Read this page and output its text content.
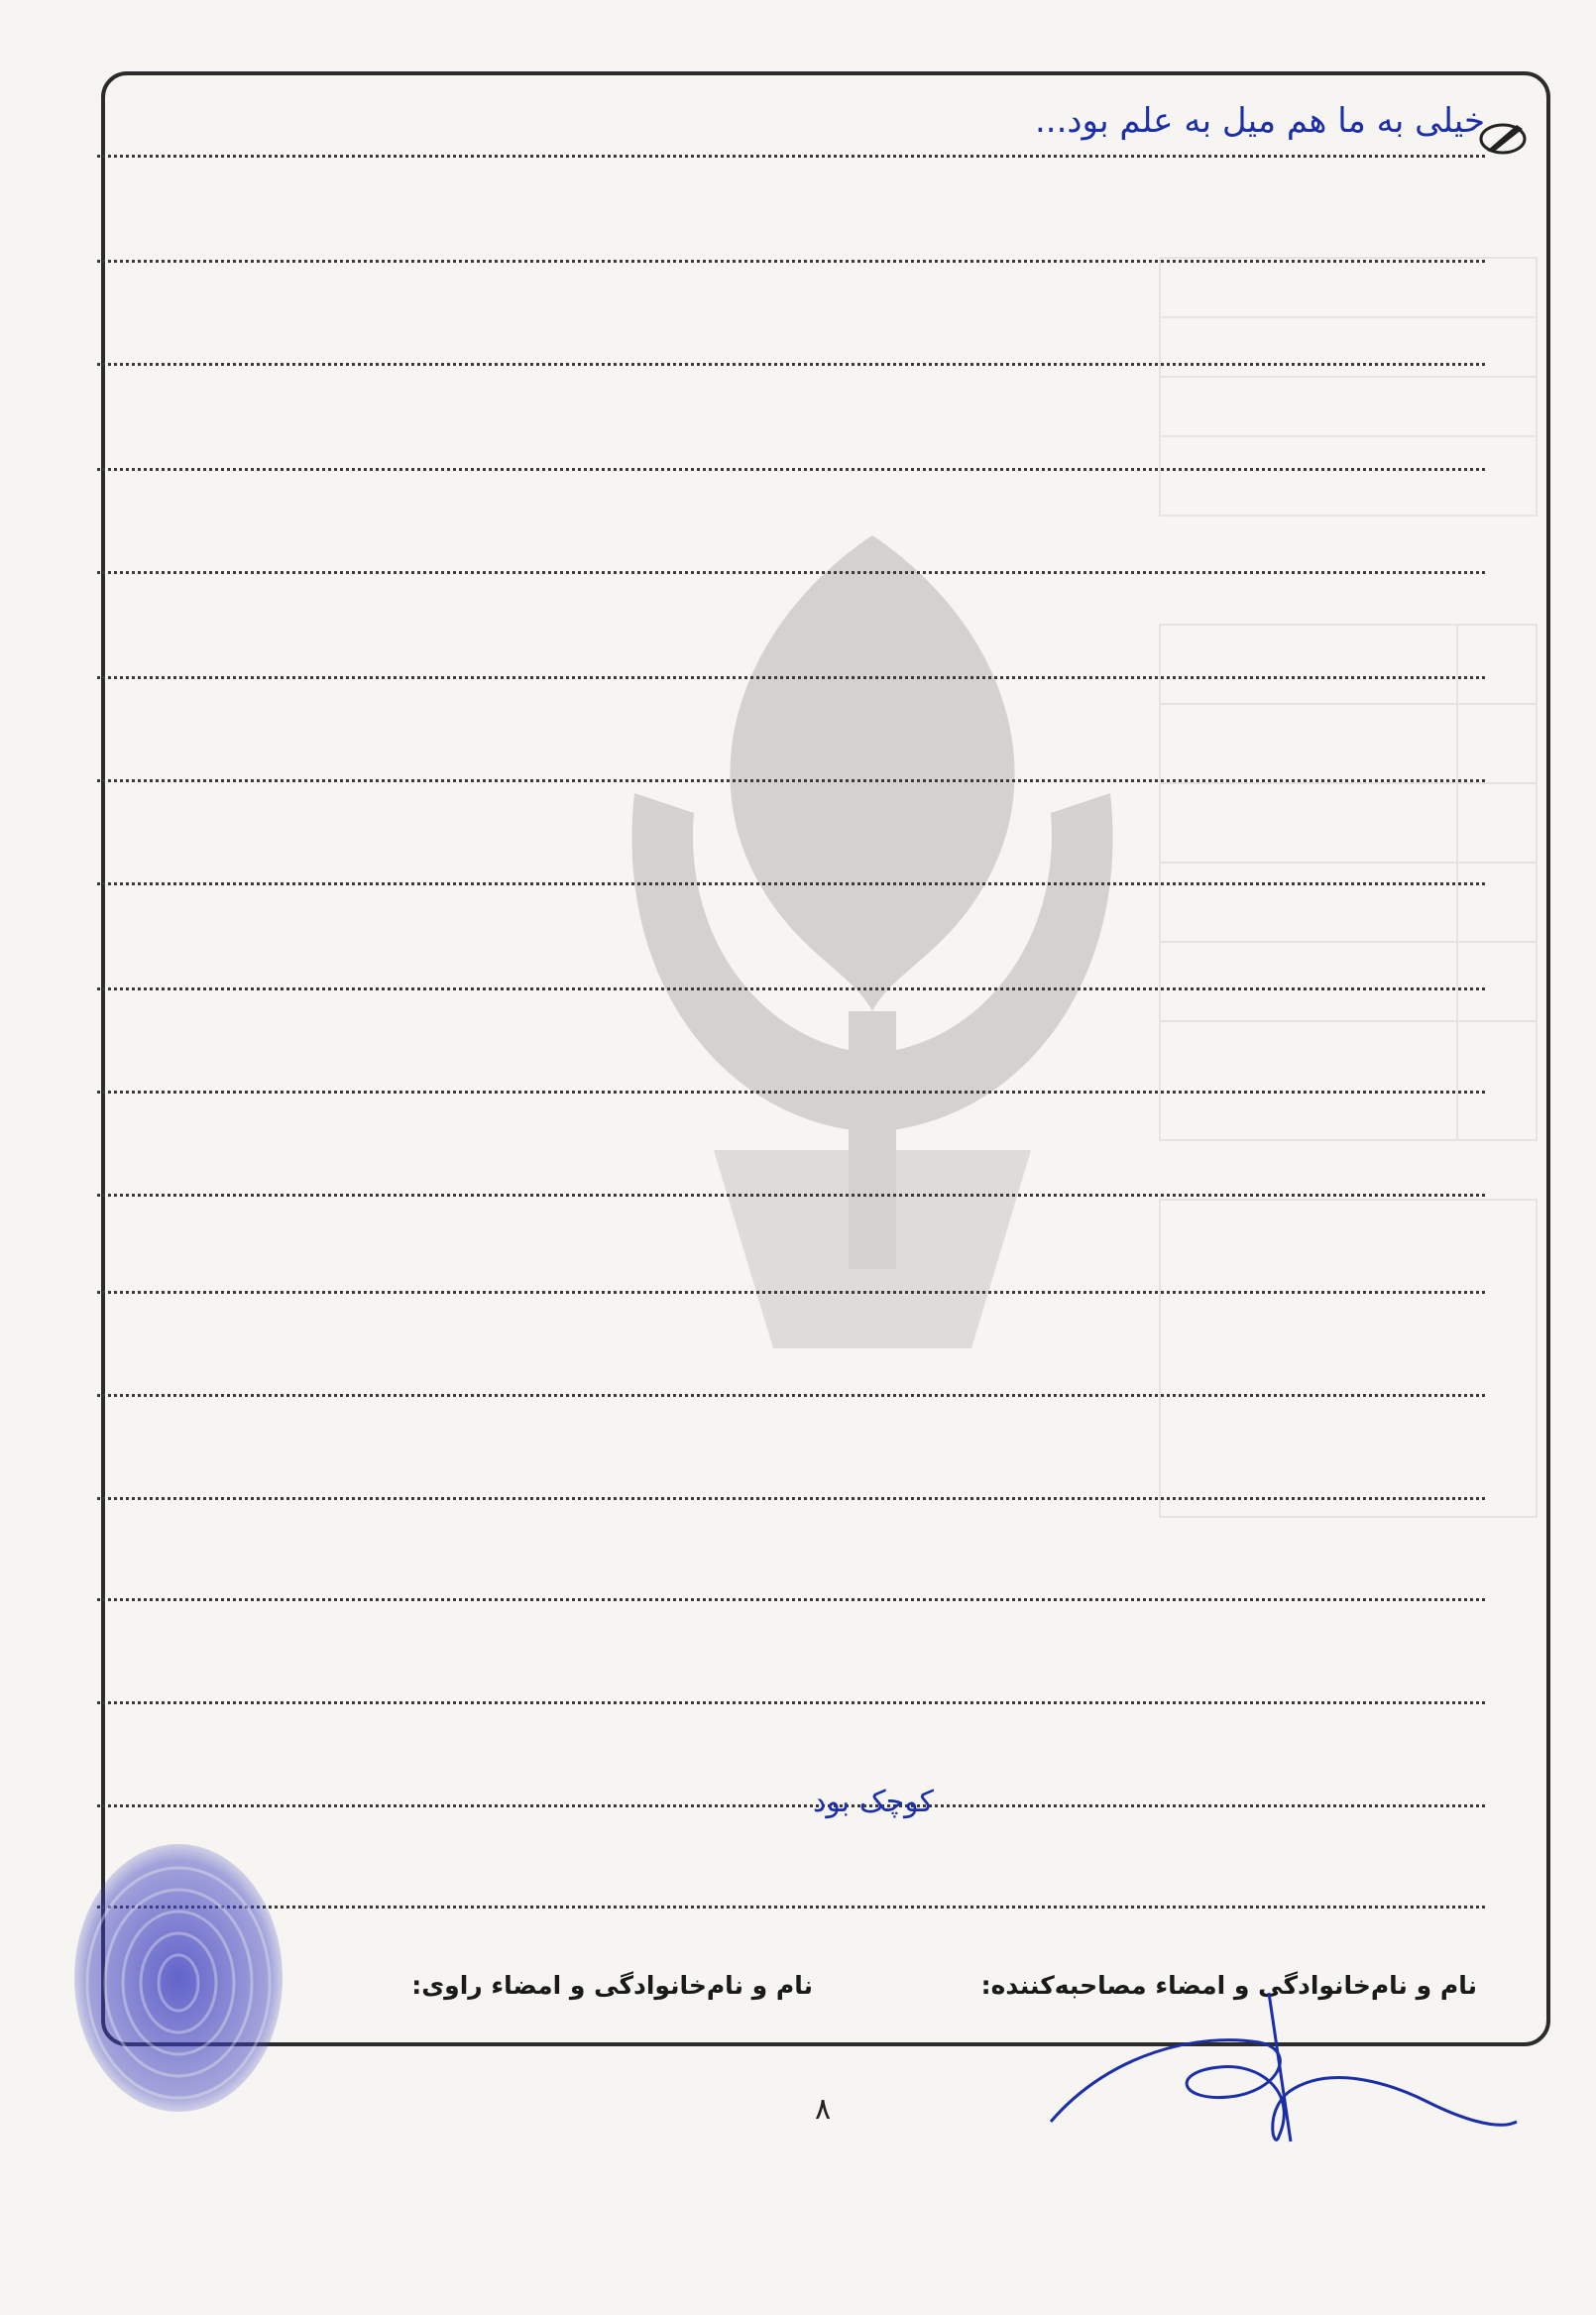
خیلی به ما هم میل به علم بود...
کوچک بود
نام و نام‌خانوادگی و امضاء مصاحبه‌کننده:
نام و نام‌خانوادگی و امضاء راوی:
۸
